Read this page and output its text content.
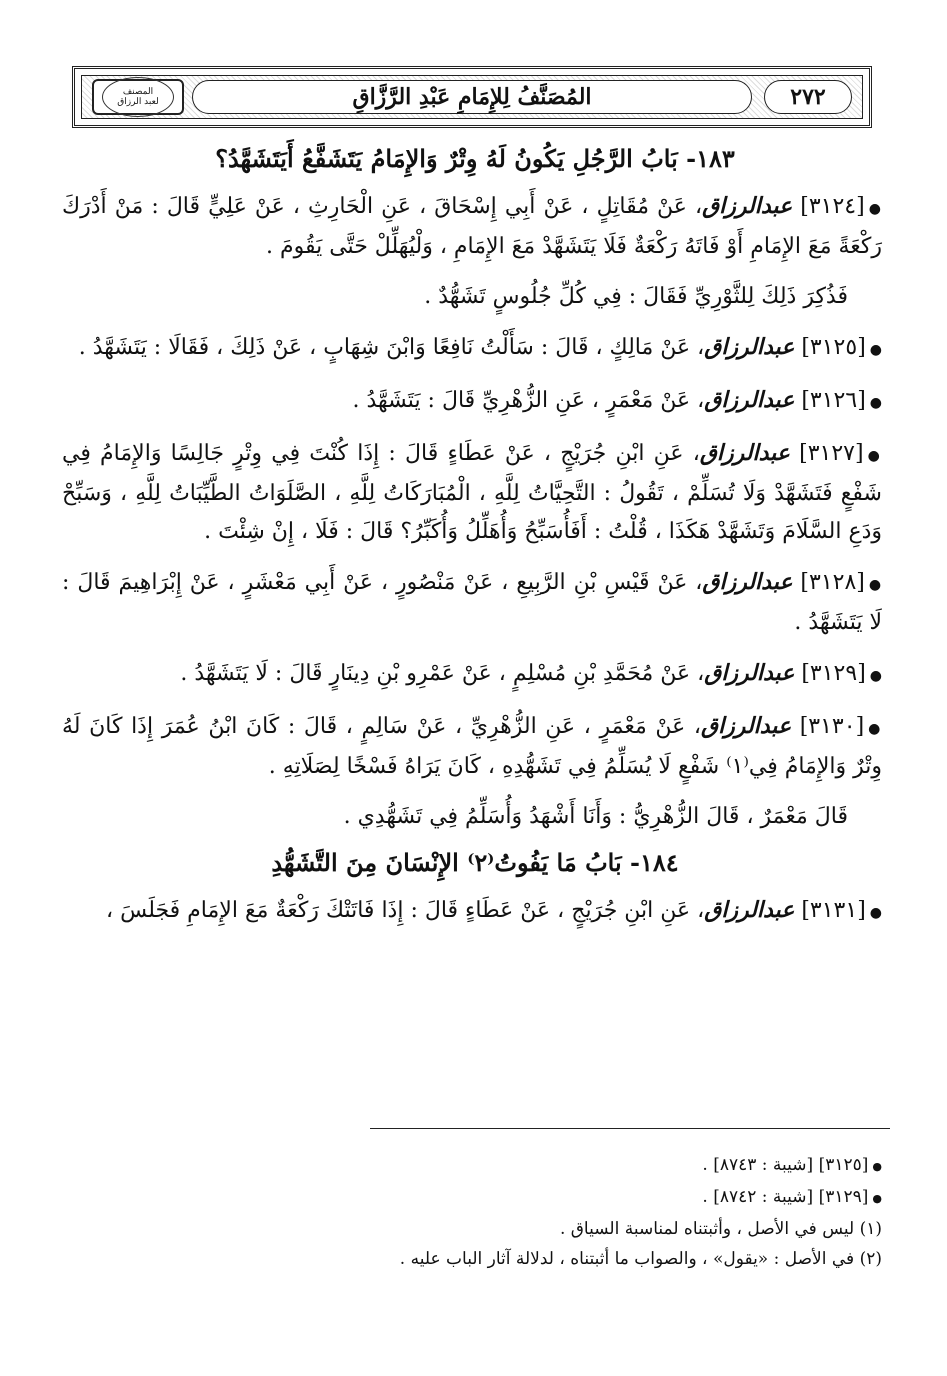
٢٧٢
المُصَنَّفُ لِلإِمَامِ عَبْدِ الرَّزَّاقِ
المصنف
لعبد الرزاق
١٨٣- بَابُ الرَّجُلِ يَكُونُ لَهُ وِتْرٌ وَالإِمَامُ يَتَشَفَّعُ أَيَتَشَهَّدُ؟

●[٣١٢٤] عبدالرزاق، عَنْ مُقَاتِلٍ ، عَنْ أَبِي إِسْحَاقَ ، عَنِ الْحَارِثِ ، عَنْ عَلِيٍّ قَالَ : مَنْ أَدْرَكَ رَكْعَةً مَعَ الإِمَامِ أَوْ فَاتَهُ رَكْعَةٌ فَلَا يَتَشَهَّدْ مَعَ الإِمَامِ ، وَلْيُهَلِّلْ حَتَّى يَقُومَ .

فَذُكِرَ ذَلِكَ لِلثَّوْرِيِّ فَقَالَ : فِي كُلِّ جُلُوسٍ تَشَهُّدٌ .

●[٣١٢٥] عبدالرزاق، عَنْ مَالِكٍ ، قَالَ : سَأَلْتُ نَافِعًا وَابْنَ شِهَابٍ ، عَنْ ذَلِكَ ، فَقَالَا : يَتَشَهَّدُ .

●[٣١٢٦] عبدالرزاق، عَنْ مَعْمَرٍ ، عَنِ الزُّهْرِيِّ قَالَ : يَتَشَهَّدُ .

●[٣١٢٧] عبدالرزاق، عَنِ ابْنِ جُرَيْجٍ ، عَنْ عَطَاءٍ قَالَ : إِذَا كُنْتَ فِي وِتْرٍ جَالِسًا وَالإِمَامُ فِي شَفْعٍ فَتَشَهَّدْ وَلَا تُسَلِّمْ ، تَقُولُ : التَّحِيَّاتُ لِلَّهِ ، الْمُبَارَكَاتُ لِلَّهِ ، الصَّلَوَاتُ الطَّيِّبَاتُ لِلَّهِ ، وَسَبِّحْ وَدَعِ السَّلَامَ وَتَشَهَّدْ هَكَذَا ، قُلْتُ : أَفَأُسَبِّحُ وَأُهَلِّلُ وَأُكَبِّرُ؟ قَالَ : فَلَا ، إِنْ شِئْتَ .

●[٣١٢٨] عبدالرزاق، عَنْ قَيْسِ بْنِ الرَّبِيعِ ، عَنْ مَنْصُورٍ ، عَنْ أَبِي مَعْشَرٍ ، عَنْ إِبْرَاهِيمَ قَالَ : لَا يَتَشَهَّدُ .

●[٣١٢٩] عبدالرزاق، عَنْ مُحَمَّدِ بْنِ مُسْلِمٍ ، عَنْ عَمْرِو بْنِ دِينَارٍ قَالَ : لَا يَتَشَهَّدُ .

●[٣١٣٠] عبدالرزاق، عَنْ مَعْمَرٍ ، عَنِ الزُّهْرِيِّ ، عَنْ سَالِمٍ ، قَالَ : كَانَ ابْنُ عُمَرَ إِذَا كَانَ لَهُ وِتْرٌ وَالإِمَامُ فِي⁽١⁾ شَفْعٍ لَا يُسَلِّمُ فِي تَشَهُّدِهِ ، كَانَ يَرَاهُ فَسْخًا لِصَلَاتِهِ .

قَالَ مَعْمَرٌ ، قَالَ الزُّهْرِيُّ : وَأَنَا أَشْهَدُ وَأُسَلِّمُ فِي تَشَهُّدِي .

١٨٤- بَابُ مَا يَفُوتُ⁽٢⁾ الإِنْسَانَ مِنَ التَّشَهُّدِ

●[٣١٣١] عبدالرزاق، عَنِ ابْنِ جُرَيْجٍ ، عَنْ عَطَاءٍ قَالَ : إِذَا فَاتَتْكَ رَكْعَةٌ مَعَ الإِمَامِ فَجَلَسَ ،

●[٣١٢٥] [شيبة : ٨٧٤٣] .

●[٣١٢٩] [شيبة : ٨٧٤٢] .

(١) ليس في الأصل ، وأثبتناه لمناسبة السياق .

(٢) في الأصل : «يقول» ، والصواب ما أثبتناه ، لدلالة آثار الباب عليه .
